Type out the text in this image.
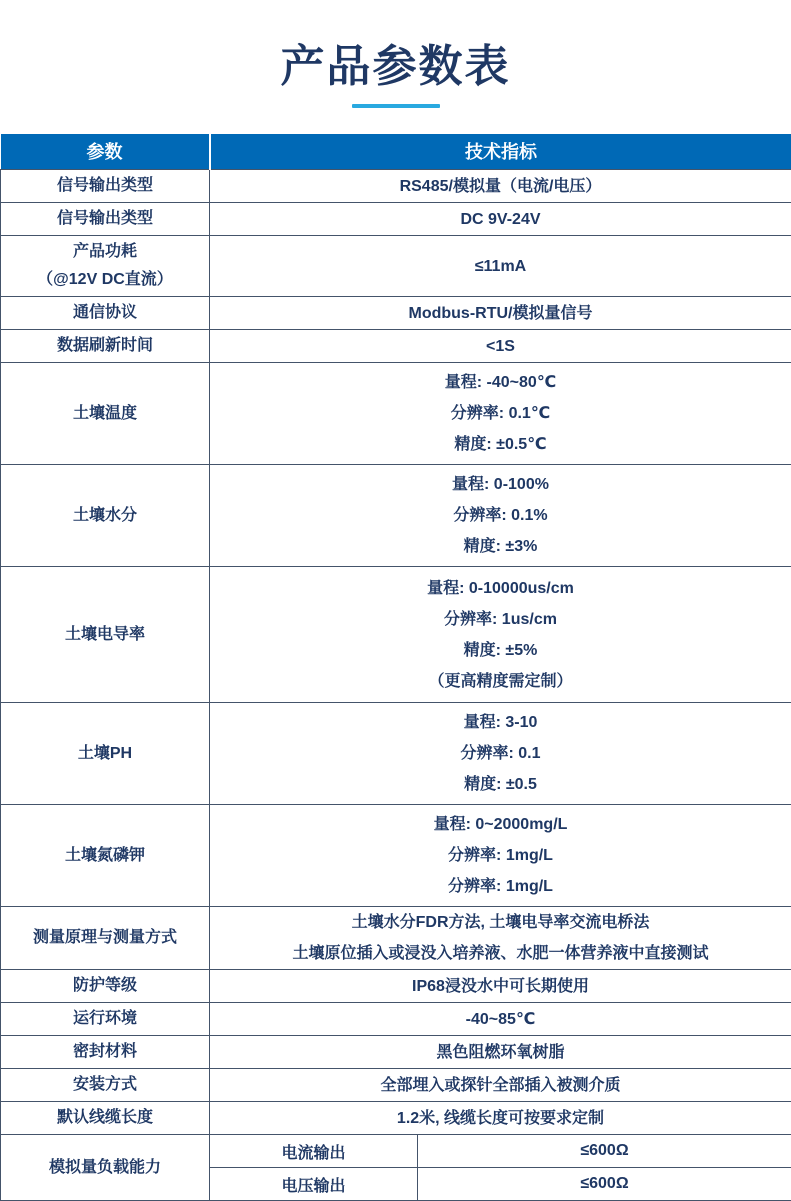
产品参数表
参数	技术指标	

信号输出类型	RS485/模拟量（电流/电压）	

信号输出类型	DC 9V-24V	

产品功耗
（@12V DC直流）	≤11mA	

通信协议	Modbus-RTU/模拟量信号	

数据刷新时间	<1S	

土壤温度	量程: -40~80℃
分辨率: 0.1℃
精度: ±0.5℃	

土壤水分	量程: 0-100%
分辨率: 0.1%
精度: ±3%	

土壤电导率	量程: 0-10000us/cm
分辨率: 1us/cm
精度: ±5%
（更高精度需定制）	

土壤PH	量程: 3-10
分辨率: 0.1
精度: ±0.5	

土壤氮磷钾	量程: 0~2000mg/L
分辨率: 1mg/L
分辨率: 1mg/L	

测量原理与测量方式	土壤水分FDR方法, 土壤电导率交流电桥法
土壤原位插入或浸没入培养液、水肥一体营养液中直接测试	

防护等级	IP68浸没水中可长期使用	

运行环境	-40~85℃	

密封材料	黑色阻燃环氧树脂	

安装方式	全部埋入或探针全部插入被测介质	

默认线缆长度	1.2米, 线缆长度可按要求定制	

模拟量负载能力	电流输出	≤600Ω
	电压输出	≤600Ω
